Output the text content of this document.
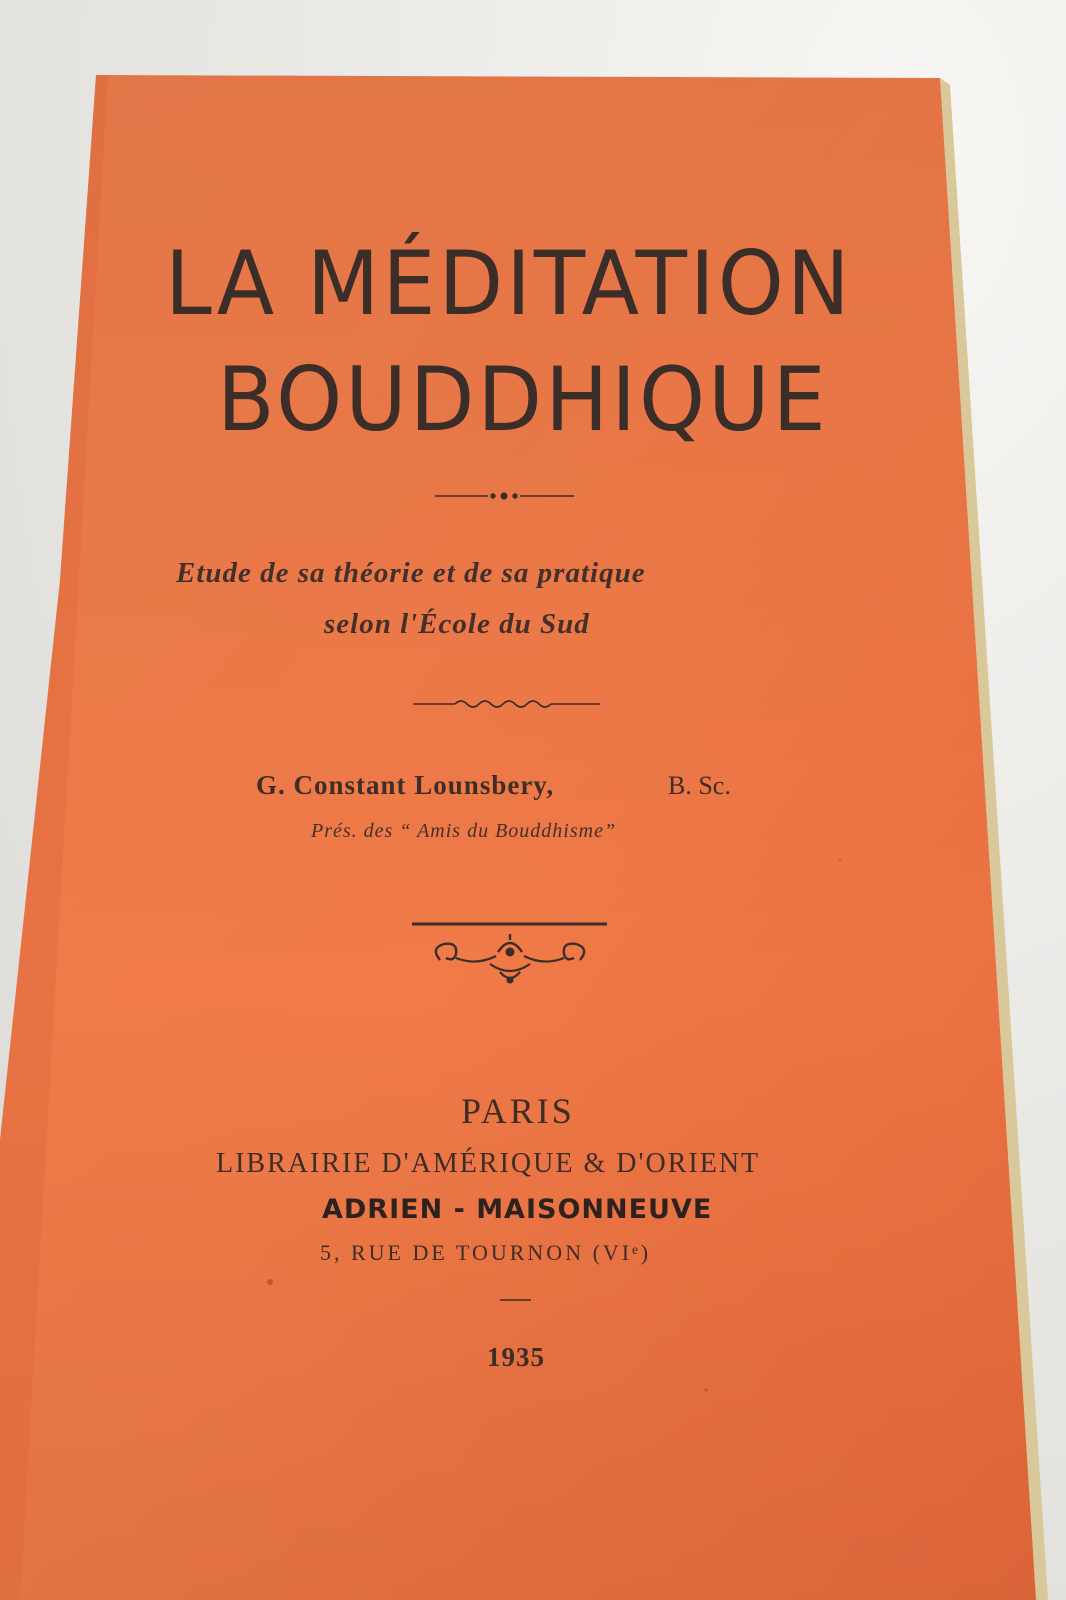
LA MÉDITATION
BOUDDHIQUE
Etude de sa théorie et de sa pratique
selon l'École du Sud
G. Constant Lounsbery,	B. Sc.
Prés. des “ Amis du Bouddhisme”
PARIS
LIBRAIRIE D'AMÉRIQUE & D'ORIENT
ADRIEN - MAISONNEUVE
5, RUE DE TOURNON (VIᵉ)
1935
